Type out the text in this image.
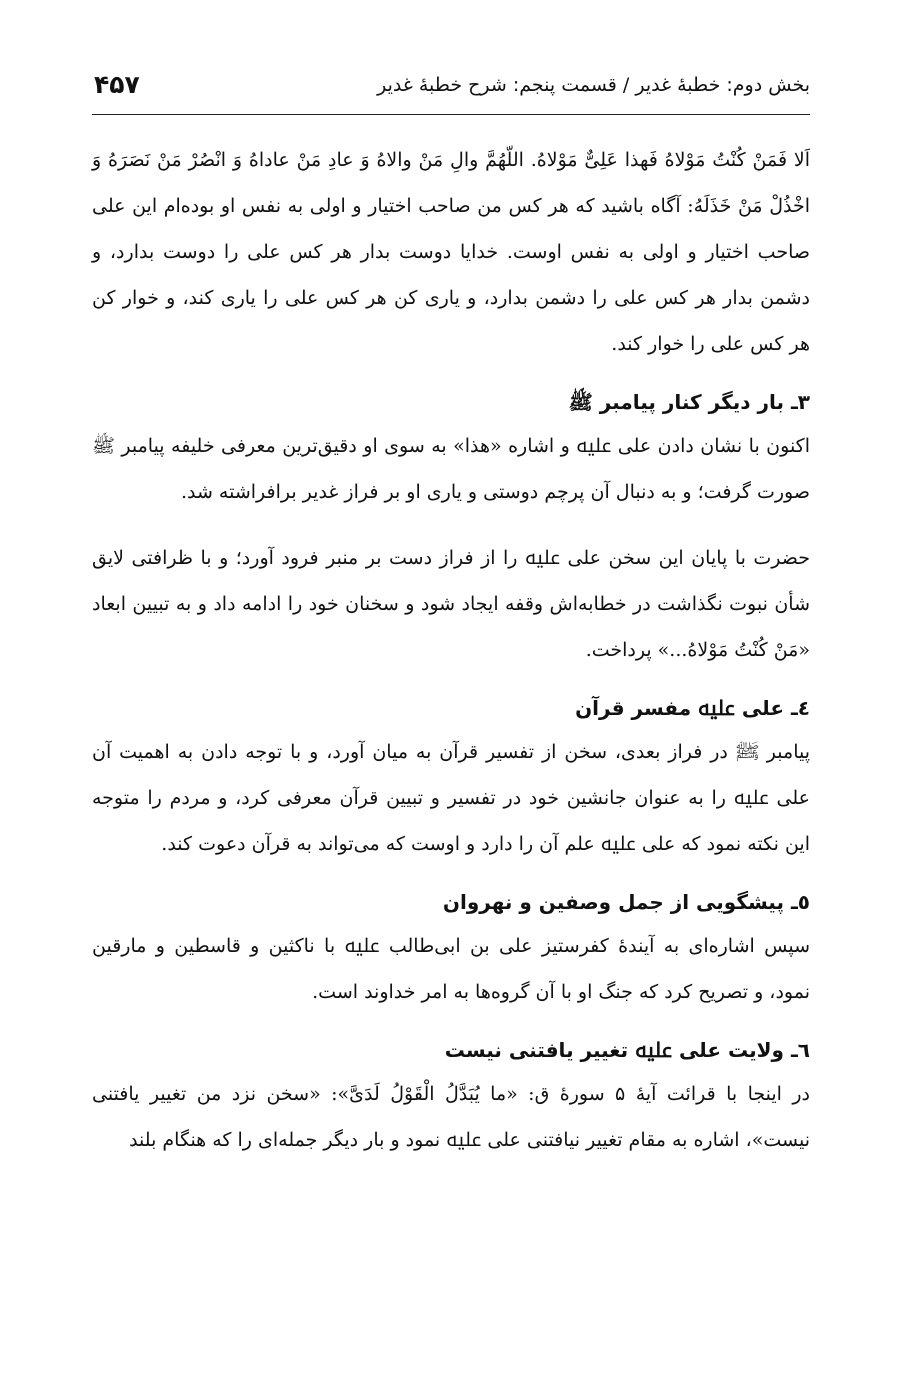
بخش دوم: خطبهٔ غدیر / قسمت پنجم: شرح خطبهٔ غدیر
۴۵۷

اَلا فَمَنْ کُنْتُ مَوْلاهُ فَهذا عَلِیٌّ مَوْلاهُ. اللّهُمَّ والِ مَنْ والاهُ وَ عادِ مَنْ عاداهُ وَ انْصُرْ مَنْ نَصَرَهُ وَ اخْذُلْ مَنْ خَذَلَهُ: آگاه باشید که هر کس من صاحب اختیار و اولی به نفس او بوده‌ام این علی صاحب اختیار و اولی به نفس اوست. خدایا دوست بدار هر کس علی را دوست بدارد، و دشمن بدار هر کس علی را دشمن بدارد، و یاری کن هر کس علی را یاری کند، و خوار کن هر کس علی را خوار کند.

۳ـ بار دیگر کنار پیامبر ﷺ

اکنون با نشان دادن علی ﷷ و اشاره «هذا» به سوی او دقیق‌ترین معرفی خلیفه پیامبر ﷺ صورت گرفت؛ و به دنبال آن پرچم دوستی و یاری او بر فراز غدیر برافراشته شد.

حضرت با پایان این سخن علی ﷷ را از فراز دست بر منبر فرود آورد؛ و با ظرافتی لایق شأن نبوت نگذاشت در خطابه‌اش وقفه ایجاد شود و سخنان خود را ادامه داد و به تبیین ابعاد «مَنْ کُنْتُ مَوْلاهُ...» پرداخت.

٤ـ علی ﷷ مفسر قرآن

پیامبر ﷺ در فراز بعدی، سخن از تفسیر قرآن به میان آورد، و با توجه دادن به اهمیت آن علی ﷷ را به عنوان جانشین خود در تفسیر و تبیین قرآن معرفی کرد، و مردم را متوجه این نکته نمود که علی ﷷ علم آن را دارد و اوست که می‌تواند به قرآن دعوت کند.

٥ـ پیشگویی از جمل وصفین و نهروان

سپس اشاره‌ای به آیندهٔ کفرستیز علی بن ابی‌طالب ﷷ با ناکثین و قاسطین و مارقین نمود، و تصریح کرد که جنگ او با آن گروه‌ها به امر خداوند است.

٦ـ ولایت علی ﷷ تغییر یافتنی نیست

در اینجا با قرائت آیهٔ ۵ سورهٔ ق: «ما یُبَدَّلُ الْقَوْلُ لَدَیَّ»: «سخن نزد من تغییر یافتنی نیست»، اشاره به مقام تغییر نیافتنی علی ﷷ نمود و بار دیگر جمله‌ای را که هنگام بلند
